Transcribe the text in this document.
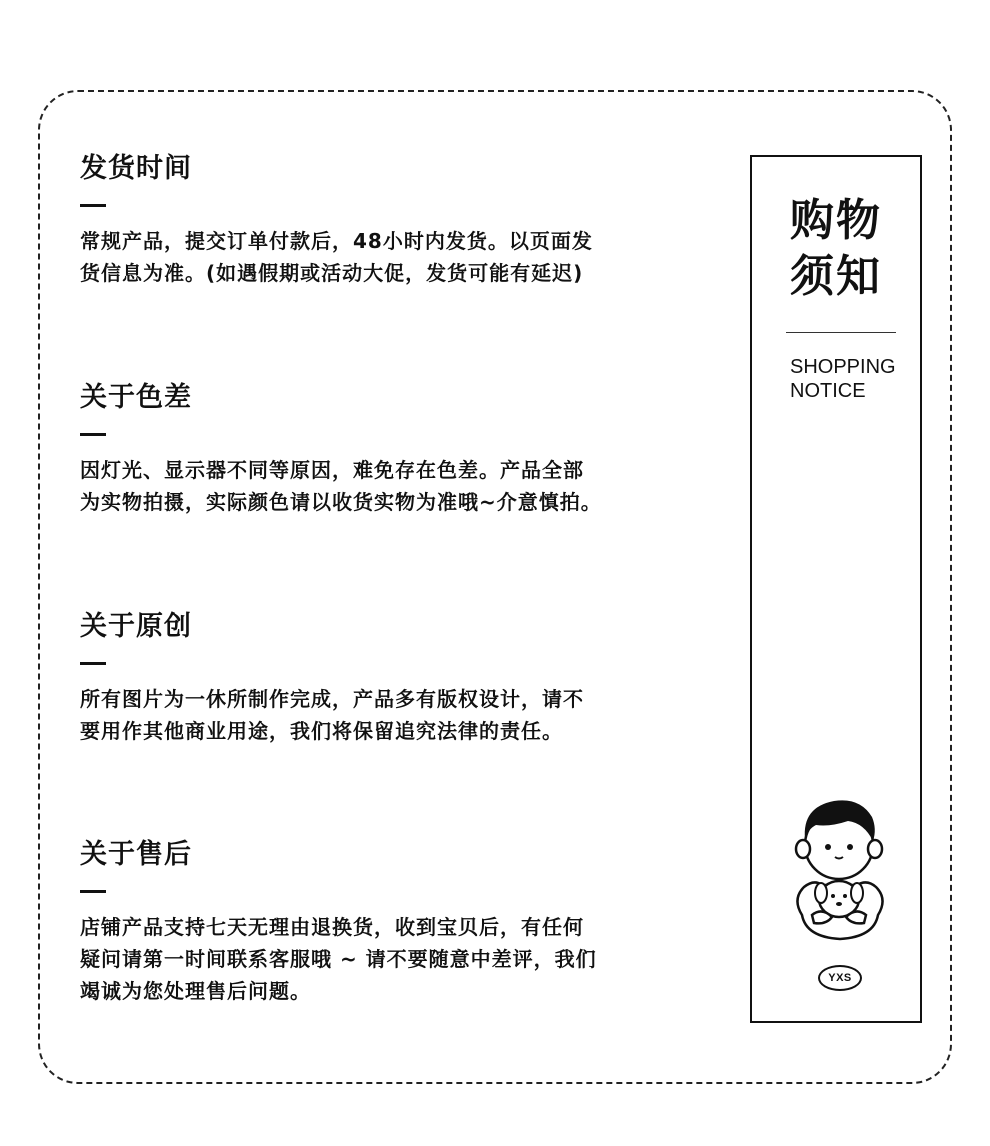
发货时间

常规产品，提交订单付款后，48小时内发货。以页面发
货信息为准。(如遇假期或活动大促，发货可能有延迟)

关于色差

因灯光、显示器不同等原因，难免存在色差。产品全部
为实物拍摄，实际颜色请以收货实物为准哦~介意慎拍。

关于原创

所有图片为一休所制作完成，产品多有版权设计，请不
要用作其他商业用途，我们将保留追究法律的责任。

关于售后

店铺产品支持七天无理由退换货，收到宝贝后，有任何
疑问请第一时间联系客服哦 ~ 请不要随意中差评，我们
竭诚为您处理售后问题。

购物
须知
SHOPPING
NOTICE
YXS
